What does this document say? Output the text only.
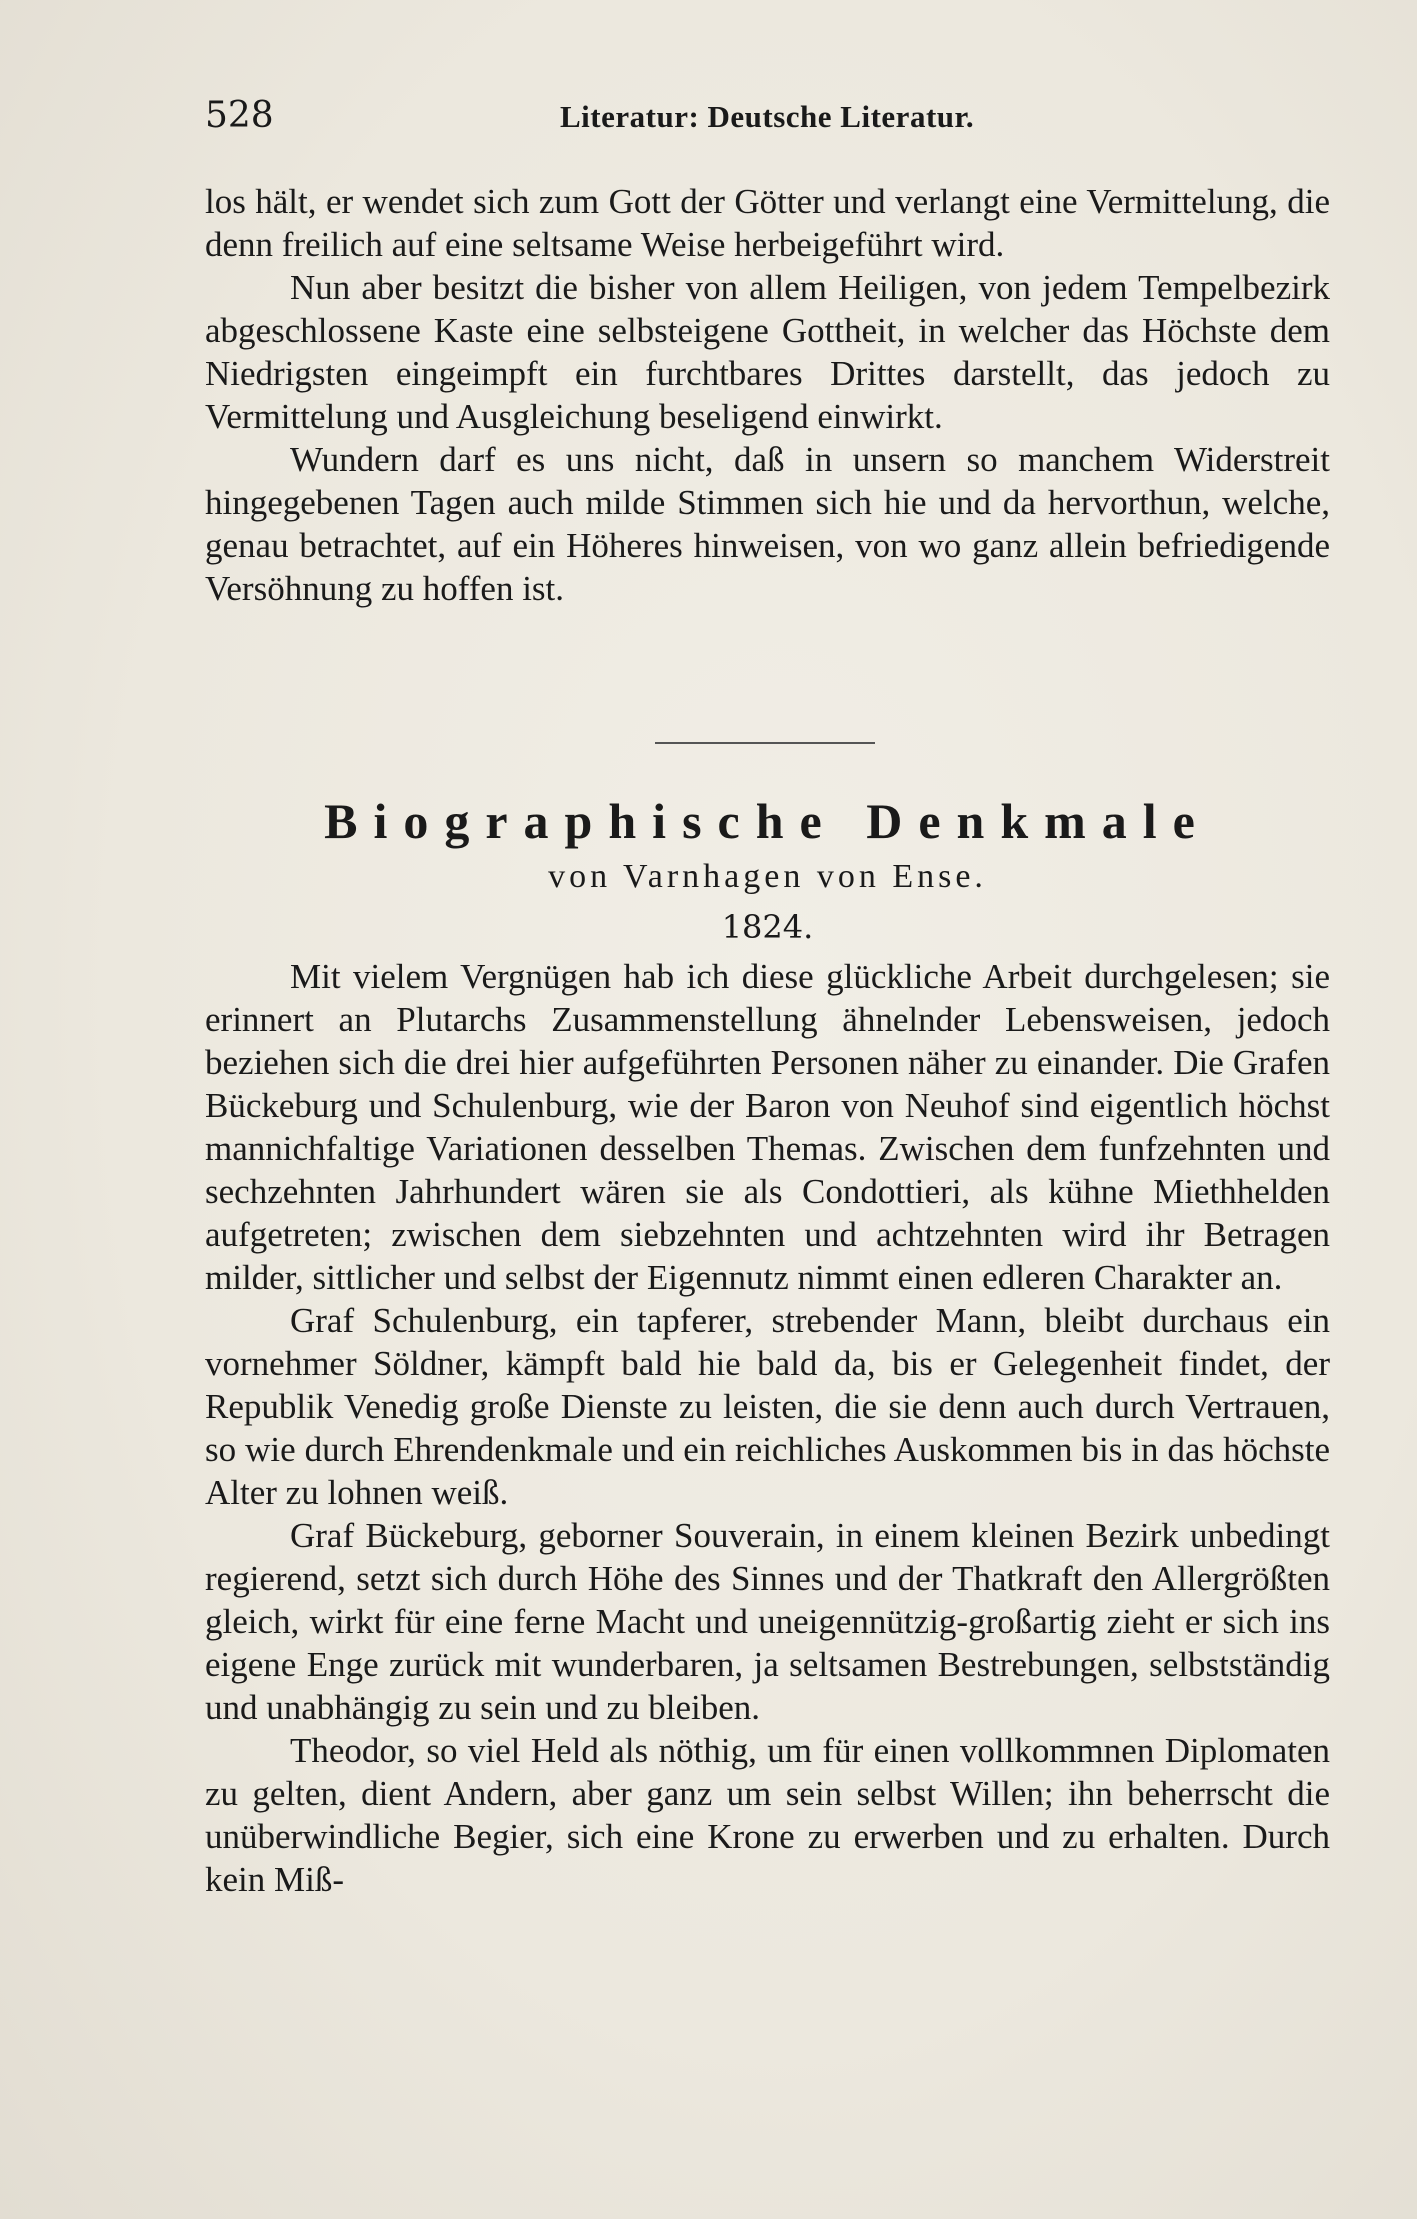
528	Literatur: Deutsche Literatur.

los hält, er wendet sich zum Gott der Götter und verlangt eine Vermittelung, die denn freilich auf eine seltsame Weise herbeigeführt wird.

Nun aber besitzt die bisher von allem Heiligen, von jedem Tempelbezirk abgeschlossene Kaste eine selbsteigene Gottheit, in welcher das Höchste dem Niedrigsten eingeimpft ein furchtbares Drittes darstellt, das jedoch zu Vermittelung und Ausgleichung beseligend einwirkt.

Wundern darf es uns nicht, daß in unsern so manchem Widerstreit hingegebenen Tagen auch milde Stimmen sich hie und da hervorthun, welche, genau betrachtet, auf ein Höheres hinweisen, von wo ganz allein befriedigende Versöhnung zu hoffen ist.

Biographische Denkmale
von Varnhagen von Ense.
1824.

Mit vielem Vergnügen hab ich diese glückliche Arbeit durchgelesen; sie erinnert an Plutarchs Zusammenstellung ähnelnder Lebensweisen, jedoch beziehen sich die drei hier aufgeführten Personen näher zu einander. Die Grafen Bückeburg und Schulenburg, wie der Baron von Neuhof sind eigentlich höchst mannichfaltige Variationen desselben Themas. Zwischen dem funfzehnten und sechzehnten Jahrhundert wären sie als Condottieri, als kühne Miethhelden aufgetreten; zwischen dem siebzehnten und achtzehnten wird ihr Betragen milder, sittlicher und selbst der Eigennutz nimmt einen edleren Charakter an.

Graf Schulenburg, ein tapferer, strebender Mann, bleibt durchaus ein vornehmer Söldner, kämpft bald hie bald da, bis er Gelegenheit findet, der Republik Venedig große Dienste zu leisten, die sie denn auch durch Vertrauen, so wie durch Ehrendenkmale und ein reichliches Auskommen bis in das höchste Alter zu lohnen weiß.

Graf Bückeburg, geborner Souverain, in einem kleinen Bezirk unbedingt regierend, setzt sich durch Höhe des Sinnes und der Thatkraft den Allergrößten gleich, wirkt für eine ferne Macht und uneigennützig-großartig zieht er sich ins eigene Enge zurück mit wunderbaren, ja seltsamen Bestrebungen, selbstständig und unabhängig zu sein und zu bleiben.

Theodor, so viel Held als nöthig, um für einen vollkommnen Diplomaten zu gelten, dient Andern, aber ganz um sein selbst Willen; ihn beherrscht die unüberwindliche Begier, sich eine Krone zu erwerben und zu erhalten. Durch kein Miß-
